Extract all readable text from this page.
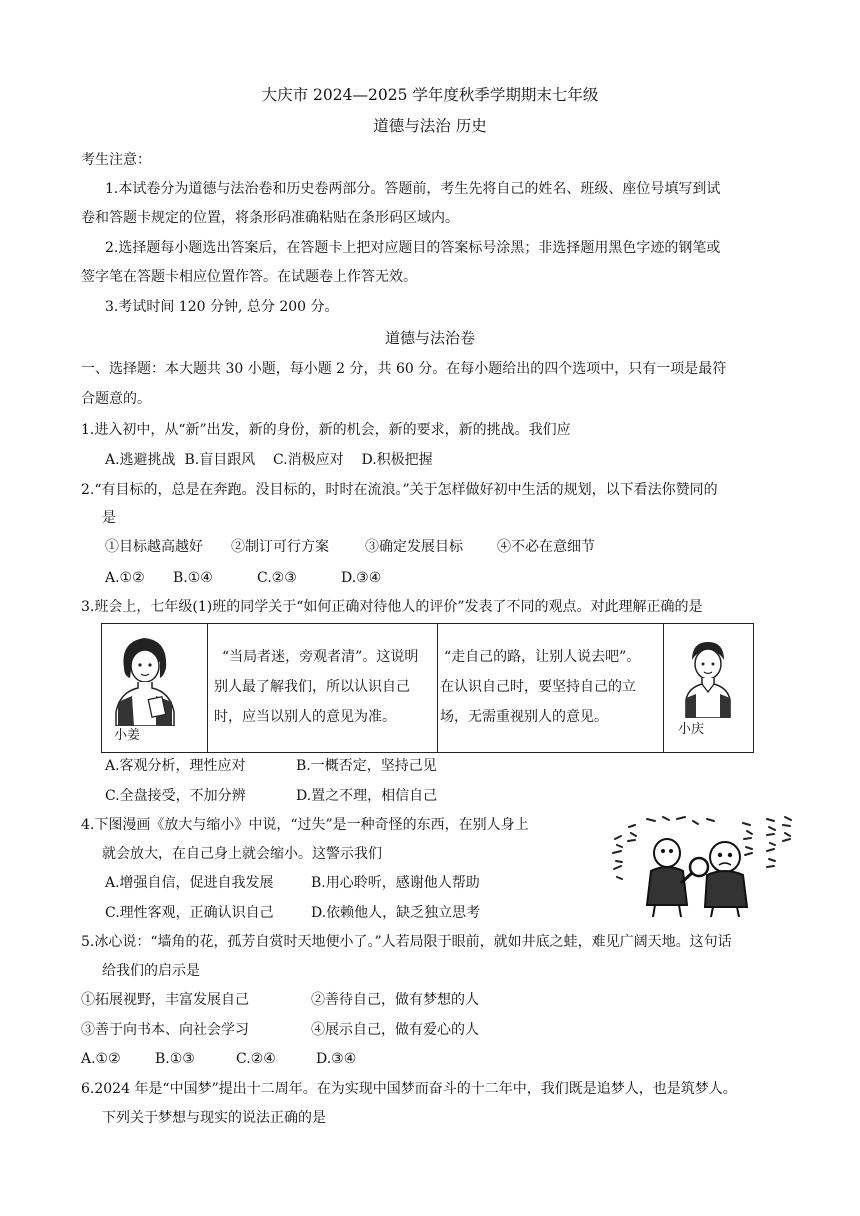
大庆市 2024—2025 学年度秋季学期期末七年级
道德与法治 历史
考生注意：
1.本试卷分为道德与法治卷和历史卷两部分。答题前，考生先将自己的姓名、班级、座位号填写到试
卷和答题卡规定的位置，将条形码准确粘贴在条形码区域内。
2.选择题每小题选出答案后，在答题卡上把对应题目的答案标号涂黑；非选择题用黑色字迹的钢笔或
签字笔在答题卡相应位置作答。在试题卷上作答无效。
3.考试时间 120 分钟, 总分 200 分。
道德与法治卷
一、选择题：本大题共 30 小题，每小题 2 分，共 60 分。在每小题给出的四个选项中，只有一项是最符
合题意的。
1.进入初中，从“新”出发，新的身份，新的机会，新的要求，新的挑战。我们应
A.逃避挑战  B.盲目跟风    C.消极应对    D.积极把握
2.“有目标的，总是在奔跑。没目标的，时时在流浪。”关于怎样做好初中生活的规划，以下看法你赞同的
是
①目标越高越好 ②制订可行方案	③确定发展目标 ④不必在意细节
A.①② B.①④	C.②③	D.③④
3.班会上，七年级(1)班的同学关于“如何正确对待他人的评价”发表了不同的观点。对此理解正确的是
小姜

“当局者迷，旁观者清”。这说明
别人最了解我们，所以认识自己
时，应当以别人的意见为准。

“走自己的路，让别人说去吧”。
在认识自己时，要坚持自己的立
场，无需重视别人的意见。

小庆
A.客观分析，理性应对	B.一概否定，坚持己见
C.全盘接受，不加分辨	D.置之不理，相信自己
4.下图漫画《放大与缩小》中说，“过失”是一种奇怪的东西，在别人身上
就会放大，在自己身上就会缩小。这警示我们
A.增强自信，促进自我发展	B.用心聆听，感谢他人帮助
C.理性客观，正确认识自己	D.依赖他人，缺乏独立思考
5.冰心说：“墙角的花，孤芳自赏时天地便小了。”人若局限于眼前，就如井底之蛙，难见广阔天地。这句话
给我们的启示是
①拓展视野，丰富发展自己	②善待自己，做有梦想的人
③善于向书本、向社会学习	④展示自己，做有爱心的人
A.①② B.①③	C.②④	D.③④
6.2024 年是“中国梦”提出十二周年。在为实现中国梦而奋斗的十二年中，我们既是追梦人，也是筑梦人。
下列关于梦想与现实的说法正确的是
